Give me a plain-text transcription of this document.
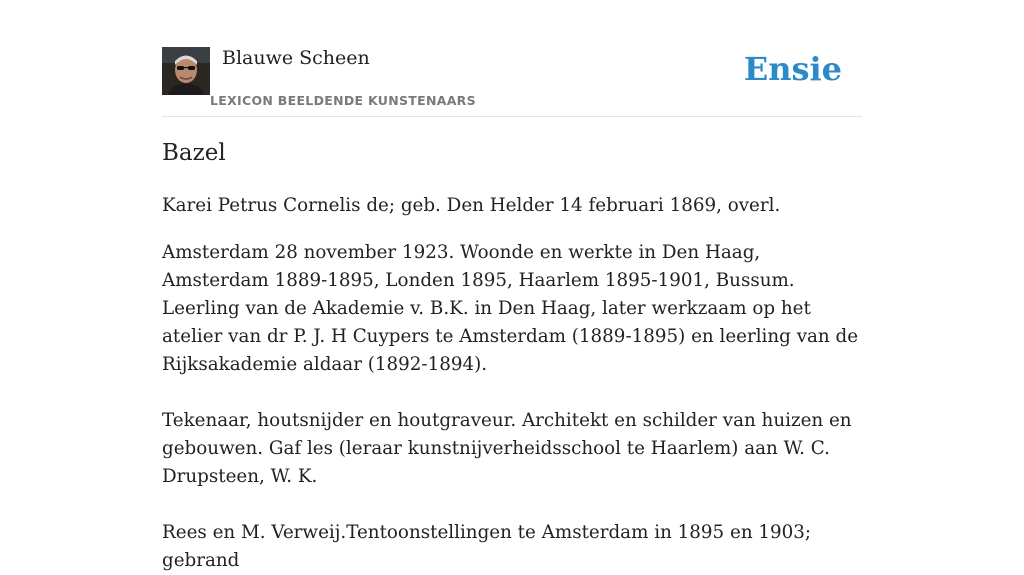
Blauwe Scheen
LEXICON BEELDENDE KUNSTENAARS
Ensie
Bazel

Karei Petrus Cornelis de; geb. Den Helder 14 februari 1869, overl.

Amsterdam 28 november 1923. Woonde en werkte in Den Haag, Amsterdam 1889-1895, Londen 1895, Haarlem 1895-1901, Bussum. Leerling van de Akademie v. B.K. in Den Haag, later werkzaam op het atelier van dr P. J. H Cuypers te Amsterdam (1889-1895) en leerling van de Rijksakademie aldaar (1892-1894).

Tekenaar, houtsnijder en houtgraveur. Architekt en schilder van huizen en gebouwen. Gaf les (leraar kunstnijverheidsschool te Haarlem) aan W. C. Drupsteen, W. K.

Rees en M. Verweij.Tentoonstellingen te Amsterdam in 1895 en 1903; gebrand
